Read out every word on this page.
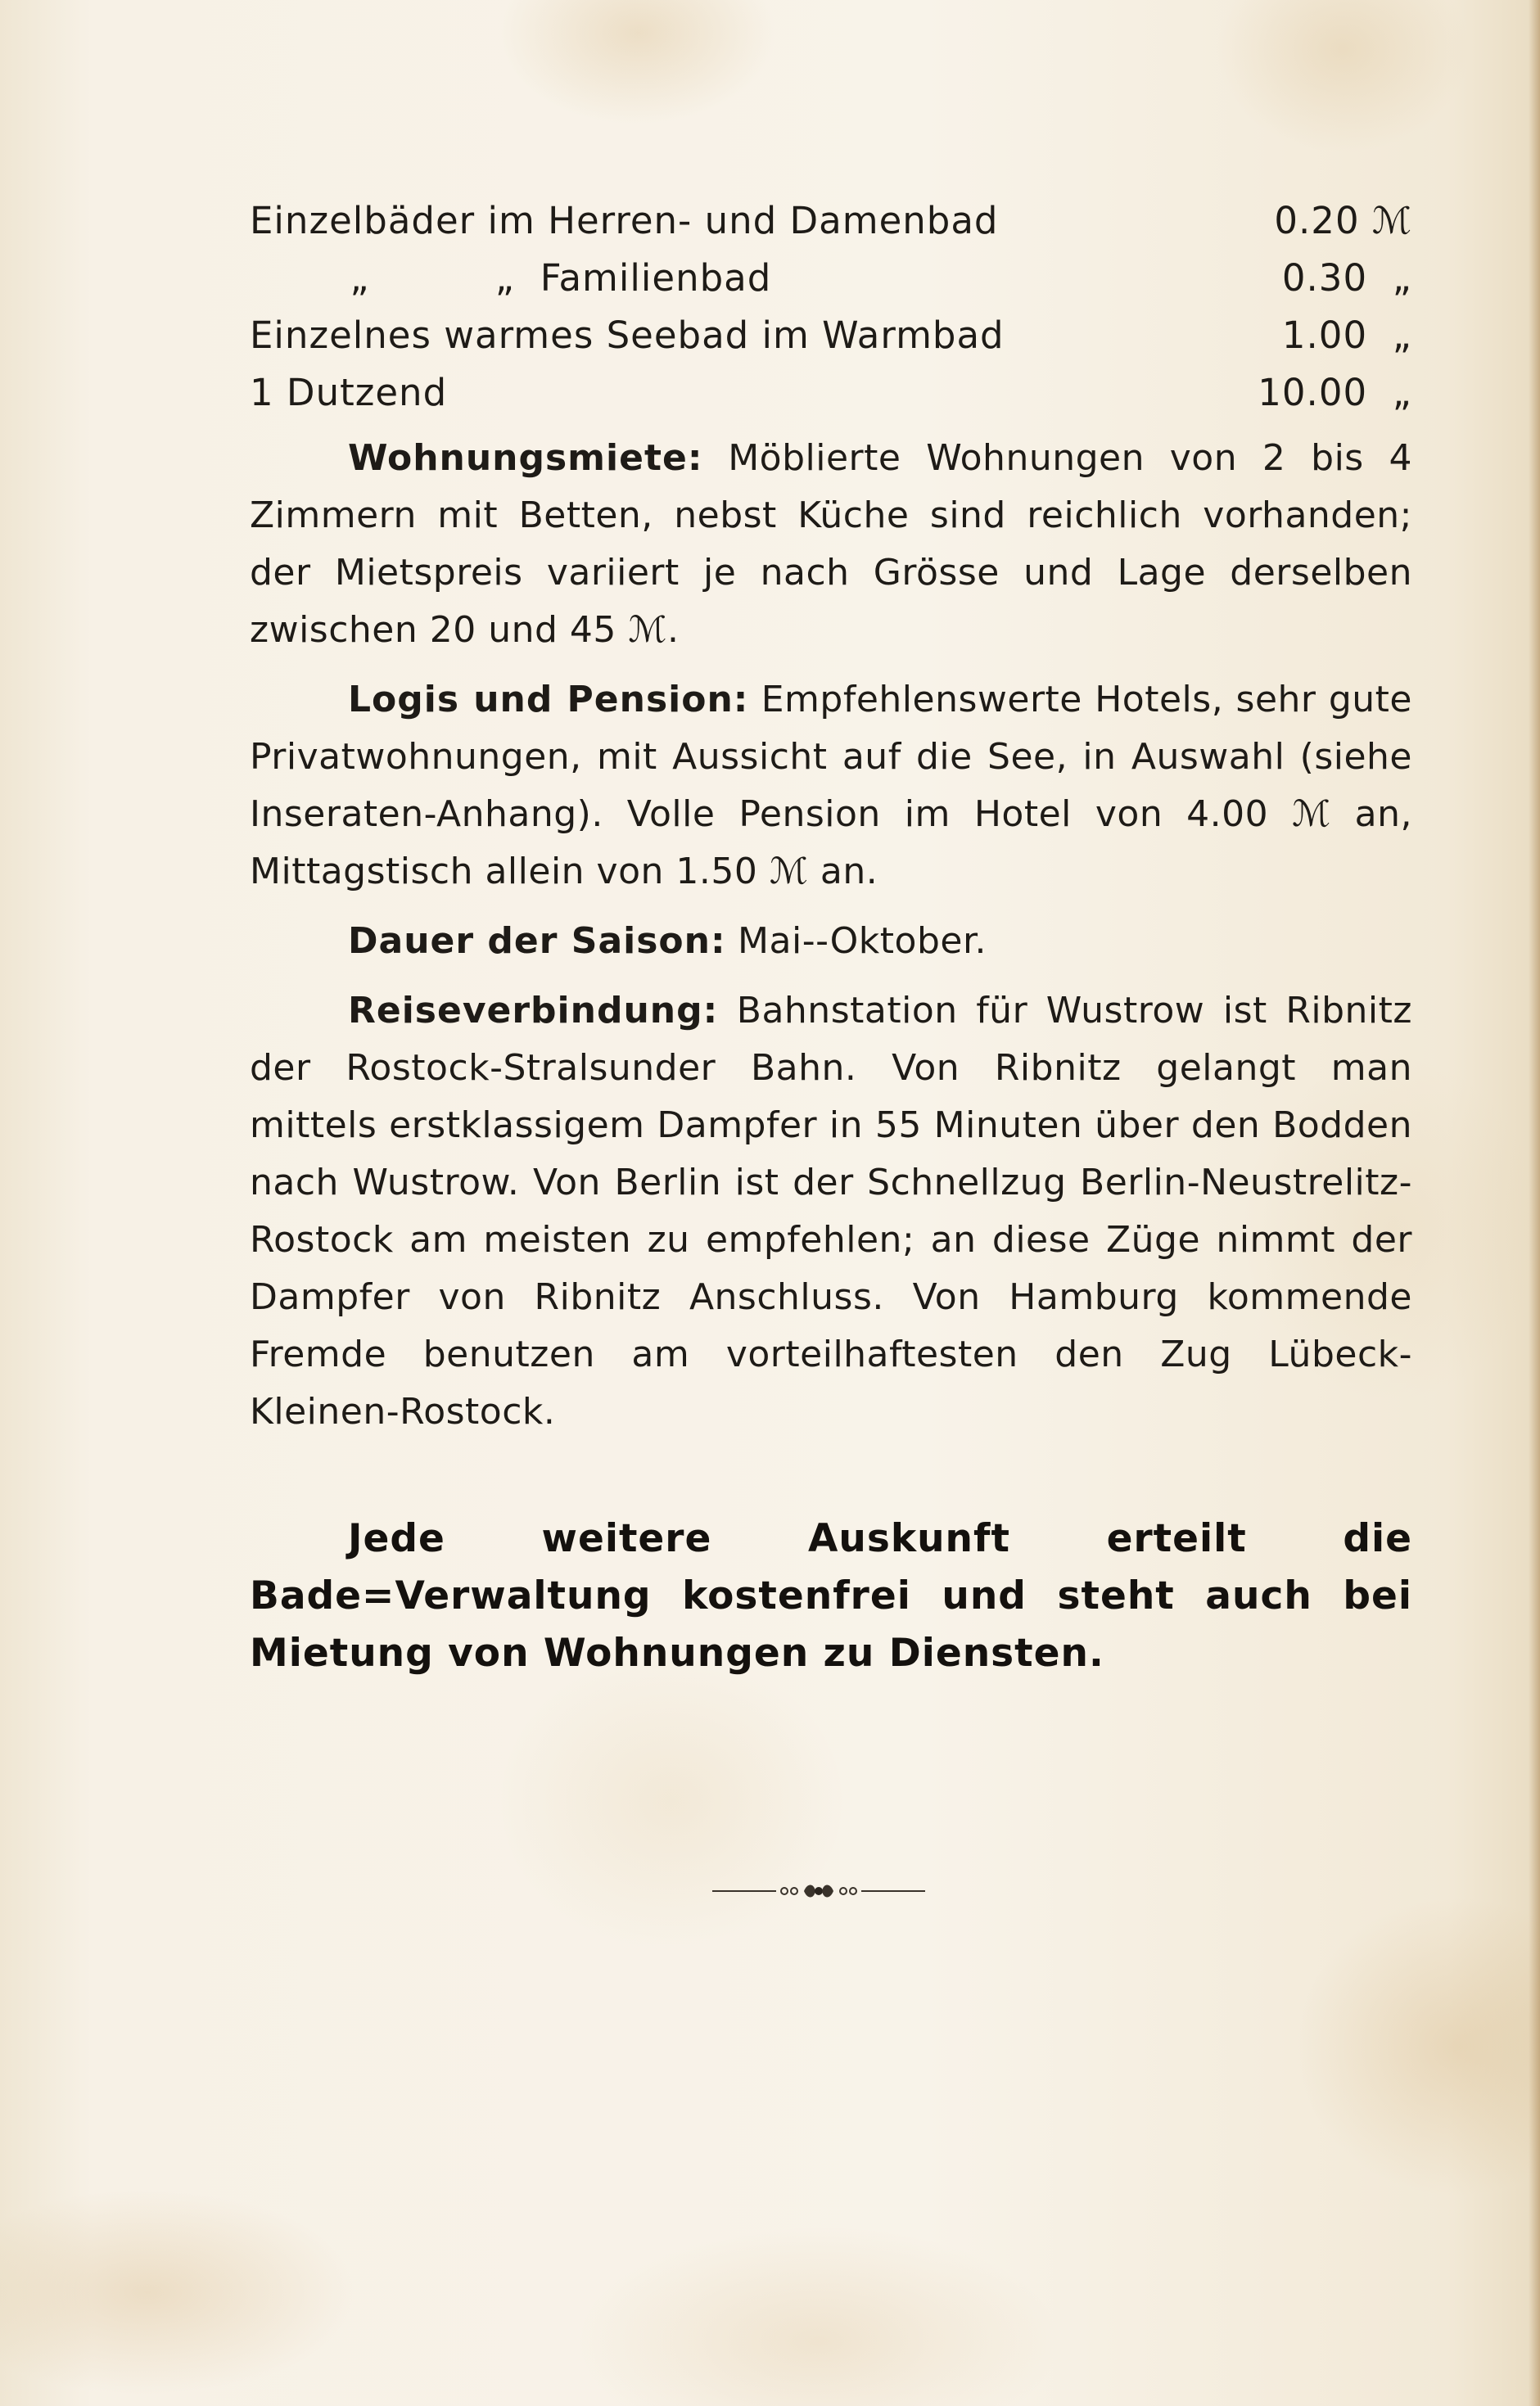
Einzelbäder im Herren- und Damenbad	0.20 ℳ
„          „  Familienbad	0.30  „
Einzelnes warmes Seebad im Warmbad	1.00  „
1 Dutzend	10.00  „

Wohnungsmiete: Möblierte Wohnungen von 2 bis 4 Zimmern mit Betten, nebst Küche sind reichlich vorhanden; der Mietspreis variiert je nach Grösse und Lage derselben zwischen 20 und 45 ℳ.

Logis und Pension: Empfehlenswerte Hotels, sehr gute Privatwohnungen, mit Aussicht auf die See, in Auswahl (siehe Inseraten-Anhang). Volle Pension im Hotel von 4.00 ℳ an, Mittagstisch allein von 1.50 ℳ an.

Dauer der Saison: Mai--Oktober.

Reiseverbindung: Bahnstation für Wustrow ist Ribnitz der Rostock-Stralsunder Bahn. Von Ribnitz gelangt man mittels erstklassigem Dampfer in 55 Minuten über den Bodden nach Wustrow. Von Berlin ist der Schnellzug Berlin-Neustrelitz-Rostock am meisten zu empfehlen; an diese Züge nimmt der Dampfer von Ribnitz Anschluss. Von Hamburg kommende Fremde benutzen am vorteilhaftesten den Zug Lübeck-Kleinen-Rostock.

Jede weitere Auskunft erteilt die Bade=Verwaltung kostenfrei und steht auch bei Mietung von Wohnungen zu Diensten.
